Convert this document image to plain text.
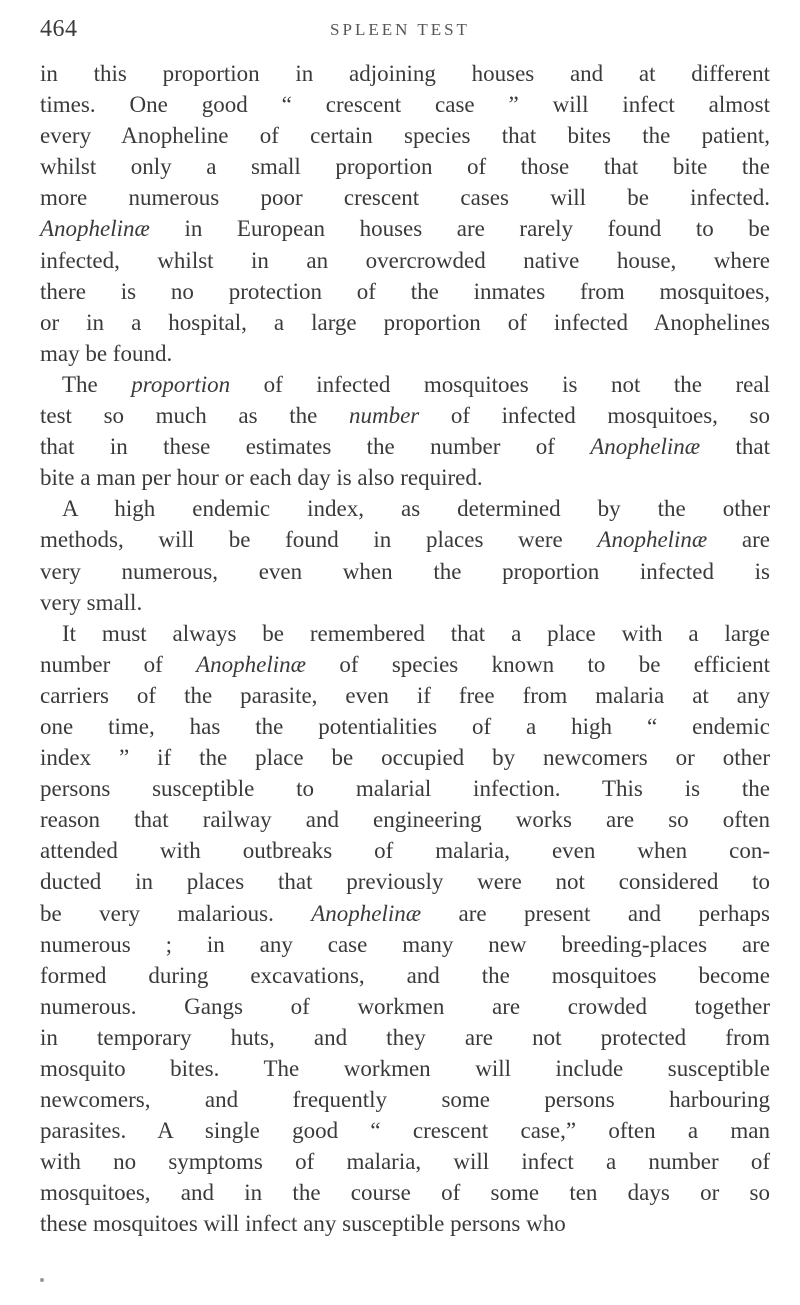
464	SPLEEN TEST
in this proportion in adjoining houses and at different
times. One good “ crescent case ” will infect almost
every Anopheline of certain species that bites the patient,
whilst only a small proportion of those that bite the
more numerous poor crescent cases will be infected.
Anophelinæ in European houses are rarely found to be
infected, whilst in an overcrowded native house, where
there is no protection of the inmates from mosquitoes,
or in a hospital, a large proportion of infected Anophelines
may be found.
The proportion of infected mosquitoes is not the real
test so much as the number of infected mosquitoes, so
that in these estimates the number of Anophelinæ that
bite a man per hour or each day is also required.
A high endemic index, as determined by the other
methods, will be found in places were Anophelinæ are
very numerous, even when the proportion infected is
very small.
It must always be remembered that a place with a large
number of Anophelinæ of species known to be efficient
carriers of the parasite, even if free from malaria at any
one time, has the potentialities of a high “ endemic
index ” if the place be occupied by newcomers or other
persons susceptible to malarial infection. This is the
reason that railway and engineering works are so often
attended with outbreaks of malaria, even when con-
ducted in places that previously were not considered to
be very malarious. Anophelinæ are present and perhaps
numerous ; in any case many new breeding-places are
formed during excavations, and the mosquitoes become
numerous. Gangs of workmen are crowded together
in temporary huts, and they are not protected from
mosquito bites. The workmen will include susceptible
newcomers, and frequently some persons harbouring
parasites. A single good “ crescent case,” often a man
with no symptoms of malaria, will infect a number of
mosquitoes, and in the course of some ten days or so
these mosquitoes will infect any susceptible persons who
